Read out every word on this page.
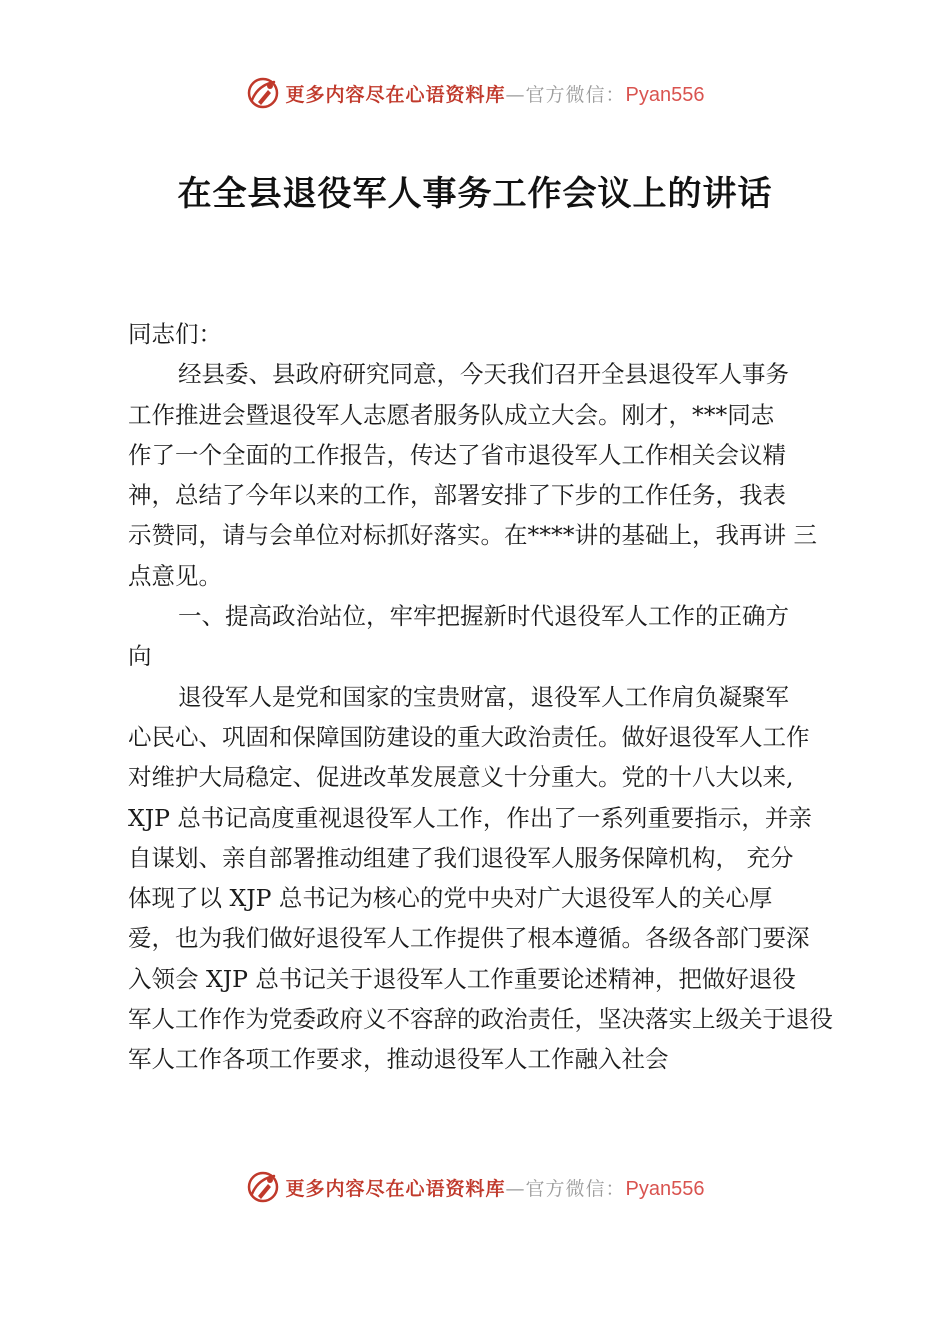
更多内容尽在心语资料库—官方微信：Pyan556
在全县退役军人事务工作会议上的讲话
同志们：
经县委、县政府研究同意，今天我们召开全县退役军人事务
工作推进会暨退役军人志愿者服务队成立大会。刚才，***同志
作了一个全面的工作报告，传达了省市退役军人工作相关会议精
神，总结了今年以来的工作，部署安排了下步的工作任务，我表
示赞同，请与会单位对标抓好落实。在****讲的基础上，我再讲 三
点意见。
一、提高政治站位，牢牢把握新时代退役军人工作的正确方
向
退役军人是党和国家的宝贵财富，退役军人工作肩负凝聚军
心民心、巩固和保障国防建设的重大政治责任。做好退役军人工作
对维护大局稳定、促进改革发展意义十分重大。党的十八大以来,
XJP 总书记高度重视退役军人工作，作出了一系列重要指示，并亲
自谋划、亲自部署推动组建了我们退役军人服务保障机构， 充分
体现了以 XJP 总书记为核心的党中央对广大退役军人的关心厚
爱，也为我们做好退役军人工作提供了根本遵循。各级各部门要深
入领会 XJP 总书记关于退役军人工作重要论述精神，把做好退役
军人工作作为党委政府义不容辞的政治责任，坚决落实上级关于退役
军人工作各项工作要求，推动退役军人工作融入社会
更多内容尽在心语资料库—官方微信：Pyan556
